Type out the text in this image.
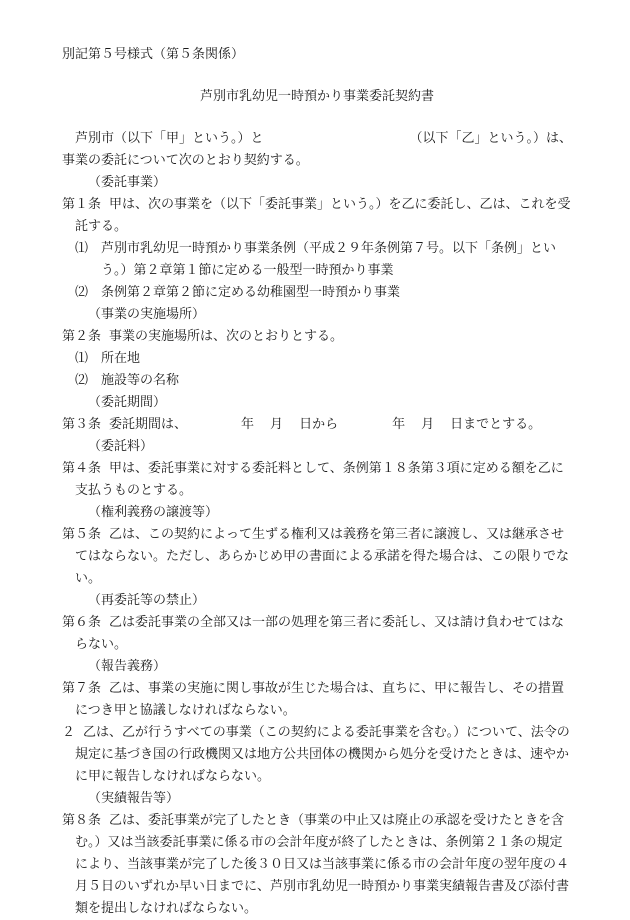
別記第５号様式（第５条関係）

芦別市乳幼児一時預かり事業委託契約書

芦別市（以下「甲」という。）と	（以下「乙」という。）は、

事業の委託について次のとおり契約する。

（委託事業）

第１条 甲は、次の事業を（以下「委託事業」という。）を乙に委託し、乙は、これを受託する。

⑴ 芦別市乳幼児一時預かり事業条例（平成２９年条例第７号。以下「条例」という。）第２章第１節に定める一般型一時預かり事業

⑵ 条例第２章第２節に定める幼稚園型一時預かり事業

（事業の実施場所）

第２条 事業の実施場所は、次のとおりとする。

⑴ 所在地

⑵ 施設等の名称

（委託期間）

第３条 委託期間は、	年 月 日から	年 月 日までとする。

（委託料）

第４条 甲は、委託事業に対する委託料として、条例第１８条第３項に定める額を乙に支払うものとする。

（権利義務の譲渡等）

第５条 乙は、この契約によって生ずる権利又は義務を第三者に譲渡し、又は継承させてはならない。ただし、あらかじめ甲の書面による承諾を得た場合は、この限りでない。

（再委託等の禁止）

第６条 乙は委託事業の全部又は一部の処理を第三者に委託し、又は請け負わせてはならない。

（報告義務）

第７条 乙は、事業の実施に関し事故が生じた場合は、直ちに、甲に報告し、その措置につき甲と協議しなければならない。

２ 乙は、乙が行うすべての事業（この契約による委託事業を含む。）について、法令の規定に基づき国の行政機関又は地方公共団体の機関から処分を受けたときは、速やかに甲に報告しなければならない。

（実績報告等）

第８条 乙は、委託事業が完了したとき（事業の中止又は廃止の承認を受けたときを含む。）又は当該委託事業に係る市の会計年度が終了したときは、条例第２１条の規定により、当該事業が完了した後３０日又は当該事業に係る市の会計年度の翌年度の４月５日のいずれか早い日までに、芦別市乳幼児一時預かり事業実績報告書及び添付書類を提出しなければならない。
